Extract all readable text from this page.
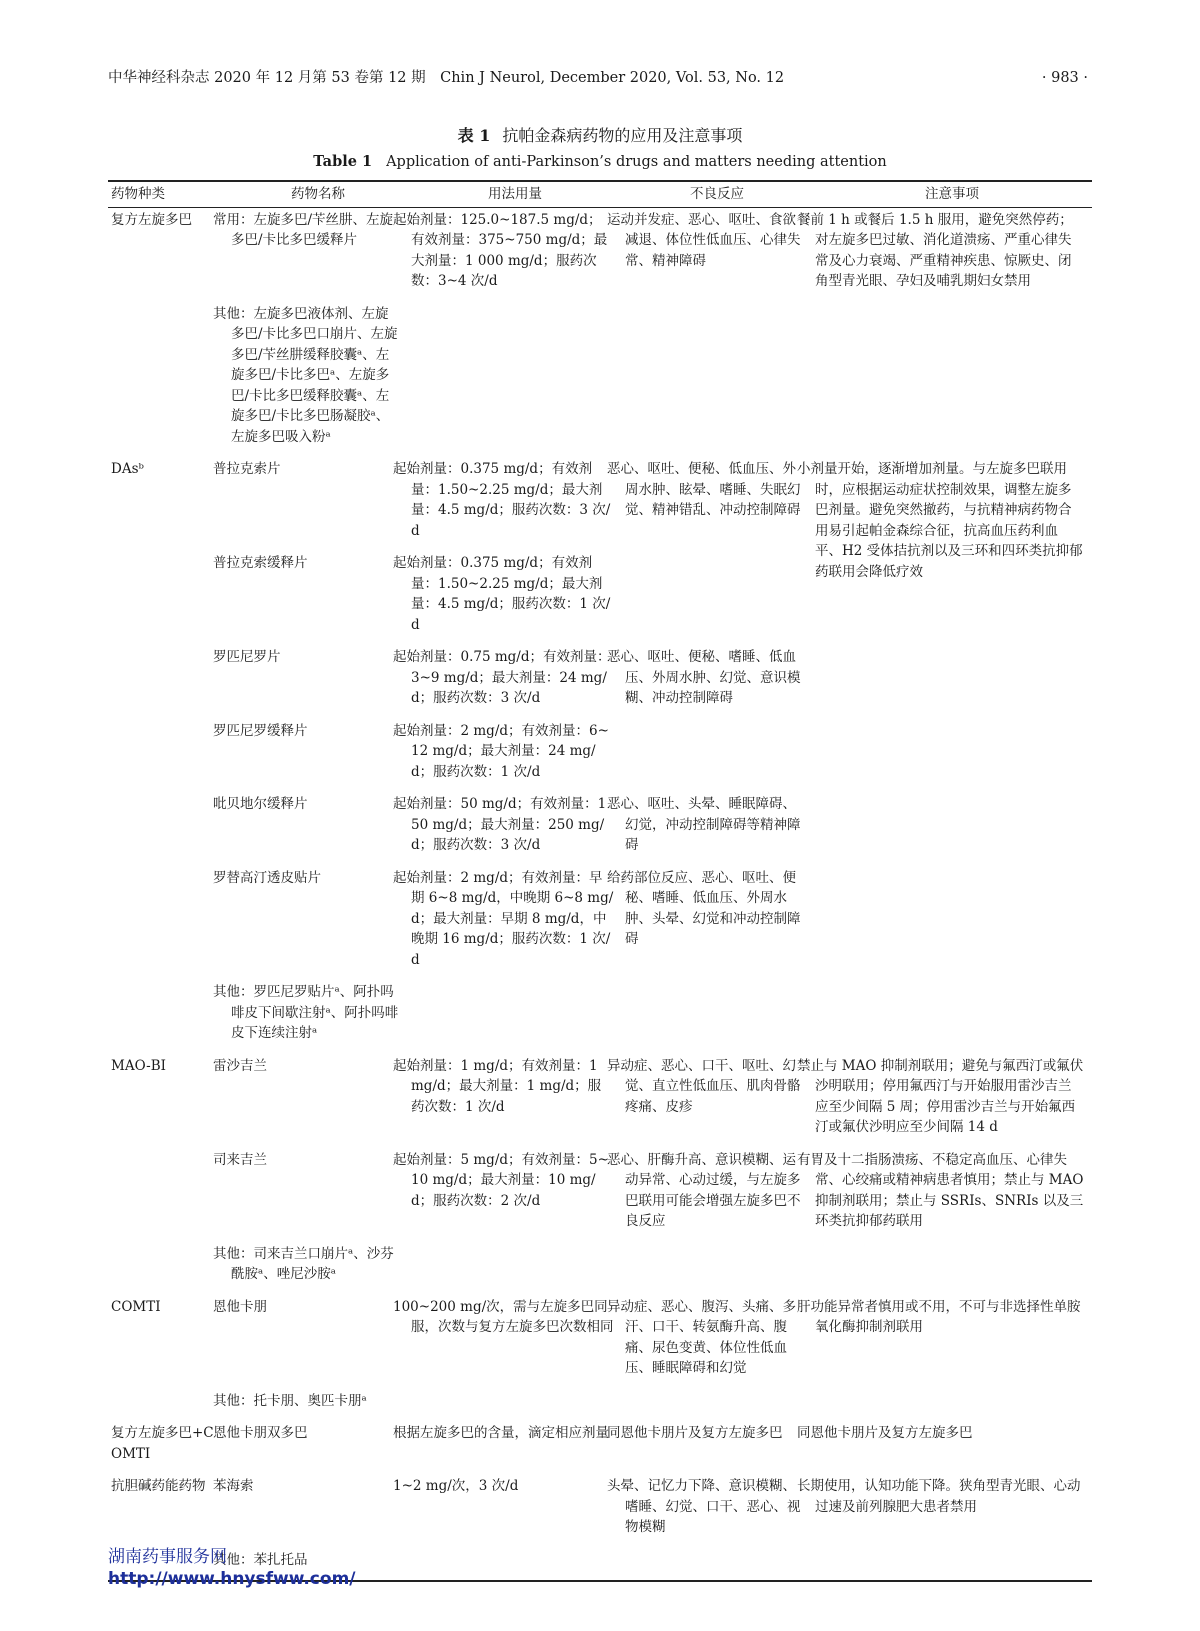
中华神经科杂志 2020 年 12 月第 53 卷第 12 期　Chin J Neurol, December 2020, Vol. 53, No. 12	· 983 ·
表 1 抗帕金森病药物的应用及注意事项
Table 1 Application of anti-Parkinson’s drugs and matters needing attention
药物种类	药物名称	用法用量	不良反应	注意事项
复方左旋多巴	常用：左旋多巴/苄丝肼、左旋多巴/卡比多巴缓释片	起始剂量：125.0~187.5 mg/d；有效剂量：375~750 mg/d；最大剂量：1 000 mg/d；服药次数：3~4 次/d	运动并发症、恶心、呕吐、食欲减退、体位性低血压、心律失常、精神障碍	餐前 1 h 或餐后 1.5 h 服用，避免突然停药；对左旋多巴过敏、消化道溃疡、严重心律失常及心力衰竭、严重精神疾患、惊厥史、闭角型青光眼、孕妇及哺乳期妇女禁用
	其他：左旋多巴液体剂、左旋多巴/卡比多巴口崩片、左旋多巴/苄丝肼缓释胶囊ᵃ、左旋多巴/卡比多巴ᵃ、左旋多巴/卡比多巴缓释胶囊ᵃ、左旋多巴/卡比多巴肠凝胶ᵃ、左旋多巴吸入粉ᵃ			
DAsᵇ	普拉克索片	起始剂量：0.375 mg/d；有效剂量：1.50~2.25 mg/d；最大剂量：4.5 mg/d；服药次数：3 次/d	恶心、呕吐、便秘、低血压、外周水肿、眩晕、嗜睡、失眠幻觉、精神错乱、冲动控制障碍	小剂量开始，逐渐增加剂量。与左旋多巴联用时，应根据运动症状控制效果，调整左旋多巴剂量。避免突然撤药，与抗精神病药物合用易引起帕金森综合征，抗高血压药利血平、H2 受体拮抗剂以及三环和四环类抗抑郁药联用会降低疗效
	普拉克索缓释片	起始剂量：0.375 mg/d；有效剂量：1.50~2.25 mg/d；最大剂量：4.5 mg/d；服药次数：1 次/d		
	罗匹尼罗片	起始剂量：0.75 mg/d；有效剂量：3~9 mg/d；最大剂量：24 mg/d；服药次数：3 次/d	恶心、呕吐、便秘、嗜睡、低血压、外周水肿、幻觉、意识模糊、冲动控制障碍	
	罗匹尼罗缓释片	起始剂量：2 mg/d；有效剂量：6~12 mg/d；最大剂量：24 mg/d；服药次数：1 次/d		
	吡贝地尔缓释片	起始剂量：50 mg/d；有效剂量：150 mg/d；最大剂量：250 mg/d；服药次数：3 次/d	恶心、呕吐、头晕、睡眠障碍、幻觉，冲动控制障碍等精神障碍	
	罗替高汀透皮贴片	起始剂量：2 mg/d；有效剂量：早期 6~8 mg/d，中晚期 6~8 mg/d；最大剂量：早期 8 mg/d，中晚期 16 mg/d；服药次数：1 次/d	给药部位反应、恶心、呕吐、便秘、嗜睡、低血压、外周水肿、头晕、幻觉和冲动控制障碍	
	其他：罗匹尼罗贴片ᵃ、阿扑吗啡皮下间歇注射ᵃ、阿扑吗啡皮下连续注射ᵃ			
MAO-BI	雷沙吉兰	起始剂量：1 mg/d；有效剂量：1 mg/d；最大剂量：1 mg/d；服药次数：1 次/d	异动症、恶心、口干、呕吐、幻觉、直立性低血压、肌肉骨骼疼痛、皮疹	禁止与 MAO 抑制剂联用；避免与氟西汀或氟伏沙明联用；停用氟西汀与开始服用雷沙吉兰应至少间隔 5 周；停用雷沙吉兰与开始氟西汀或氟伏沙明应至少间隔 14 d
	司来吉兰	起始剂量：5 mg/d；有效剂量：5~10 mg/d；最大剂量：10 mg/d；服药次数：2 次/d	恶心、肝酶升高、意识模糊、运动异常、心动过缓，与左旋多巴联用可能会增强左旋多巴不良反应	有胃及十二指肠溃疡、不稳定高血压、心律失常、心绞痛或精神病患者慎用；禁止与 MAO 抑制剂联用；禁止与 SSRIs、SNRIs 以及三环类抗抑郁药联用
	其他：司来吉兰口崩片ᵃ、沙芬酰胺ᵃ、唑尼沙胺ᵃ			
COMTI	恩他卡朋	100~200 mg/次，需与左旋多巴同服，次数与复方左旋多巴次数相同	异动症、恶心、腹泻、头痛、多汗、口干、转氨酶升高、腹痛、尿色变黄、体位性低血压、睡眠障碍和幻觉	肝功能异常者慎用或不用，不可与非选择性单胺氧化酶抑制剂联用
	其他：托卡朋、奥匹卡朋ᵃ			
复方左旋多巴+COMTI	恩他卡朋双多巴	根据左旋多巴的含量，滴定相应剂量	同恩他卡朋片及复方左旋多巴	同恩他卡朋片及复方左旋多巴
抗胆碱药能药物	苯海索	1~2 mg/次，3 次/d	头晕、记忆力下降、意识模糊、嗜睡、幻觉、口干、恶心、视物模糊	长期使用，认知功能下降。狭角型青光眼、心动过速及前列腺肥大患者禁用
	其他：苯扎托品			
湖南药事服务网
http://www.hnysfww.com/
